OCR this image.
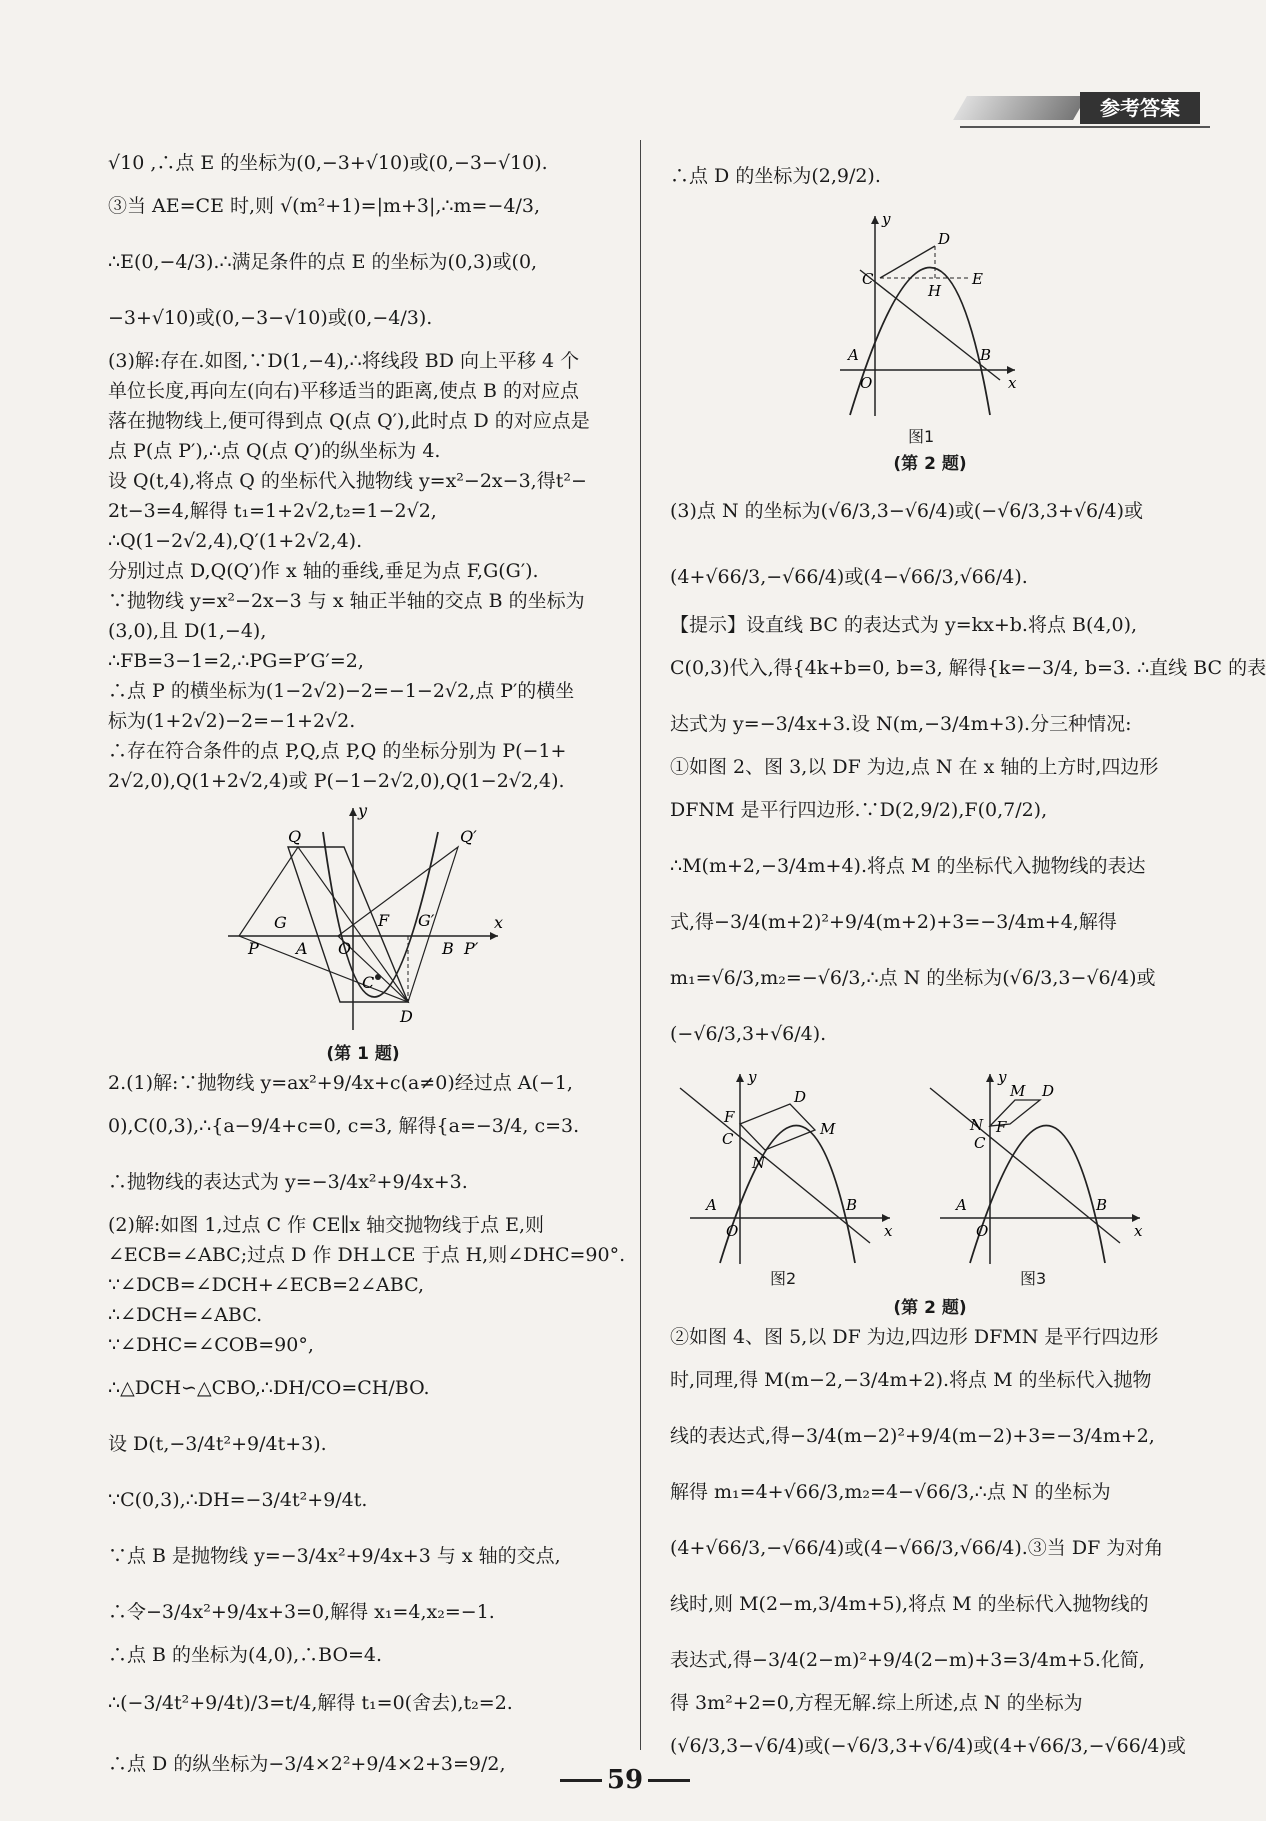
参考答案
√10 ,∴点 E 的坐标为(0,−3+√10)或(0,−3−√10).
③当 AE=CE 时,则 √(m²+1)=|m+3|,∴m=−4/3,
∴E(0,−4/3).∴满足条件的点 E 的坐标为(0,3)或(0,
−3+√10)或(0,−3−√10)或(0,−4/3).
(3)解:存在.如图,∵D(1,−4),∴将线段 BD 向上平移 4 个
单位长度,再向左(向右)平移适当的距离,使点 B 的对应点
落在抛物线上,便可得到点 Q(点 Q′),此时点 D 的对应点是
点 P(点 P′),∴点 Q(点 Q′)的纵坐标为 4.
设 Q(t,4),将点 Q 的坐标代入抛物线 y=x²−2x−3,得t²−
2t−3=4,解得 t₁=1+2√2,t₂=1−2√2,
∴Q(1−2√2,4),Q′(1+2√2,4).
分别过点 D,Q(Q′)作 x 轴的垂线,垂足为点 F,G(G′).
∵抛物线 y=x²−2x−3 与 x 轴正半轴的交点 B 的坐标为
(3,0),且 D(1,−4),
∴FB=3−1=2,∴PG=P′G′=2,
∴点 P 的横坐标为(1−2√2)−2=−1−2√2,点 P′的横坐
标为(1+2√2)−2=−1+2√2.
∴存在符合条件的点 P,Q,点 P,Q 的坐标分别为 P(−1+
2√2,0),Q(1+2√2,4)或 P(−1−2√2,0),Q(1−2√2,4).
y
Q	Q′
G
A O
F G′
B
x
P	P′
C
D
(第 1 题)
2.(1)解:∵抛物线 y=ax²+9/4x+c(a≠0)经过点 A(−1,
0),C(0,3),∴{a−9/4+c=0, c=3, 解得{a=−3/4, c=3.
∴抛物线的表达式为 y=−3/4x²+9/4x+3.
(2)解:如图 1,过点 C 作 CE∥x 轴交抛物线于点 E,则
∠ECB=∠ABC;过点 D 作 DH⊥CE 于点 H,则∠DHC=90°.
∵∠DCB=∠DCH+∠ECB=2∠ABC,
∴∠DCH=∠ABC.
∵∠DHC=∠COB=90°,
∴△DCH∽△CBO,∴DH/CO=CH/BO.
设 D(t,−3/4t²+9/4t+3).
∵C(0,3),∴DH=−3/4t²+9/4t.
∵点 B 是抛物线 y=−3/4x²+9/4x+3 与 x 轴的交点,
∴令−3/4x²+9/4x+3=0,解得 x₁=4,x₂=−1.
∴点 B 的坐标为(4,0),∴BO=4.
∴(−3/4t²+9/4t)/3=t/4,解得 t₁=0(舍去),t₂=2.
∴点 D 的纵坐标为−3/4×2²+9/4×2+3=9/2,
∴点 D 的坐标为(2,9/2).
y
D
C
H
E
A	B
O	x
图1
(第 2 题)
(3)点 N 的坐标为(√6/3,3−√6/4)或(−√6/3,3+√6/4)或
(4+√66/3,−√66/4)或(4−√66/3,√66/4).
【提示】设直线 BC 的表达式为 y=kx+b.将点 B(4,0),
C(0,3)代入,得{4k+b=0, b=3, 解得{k=−3/4, b=3. ∴直线 BC 的表
达式为 y=−3/4x+3.设 N(m,−3/4m+3).分三种情况:
①如图 2、图 3,以 DF 为边,点 N 在 x 轴的上方时,四边形
DFNM 是平行四边形.∵D(2,9/2),F(0,7/2),
∴M(m+2,−3/4m+4).将点 M 的坐标代入抛物线的表达
式,得−3/4(m+2)²+9/4(m+2)+3=−3/4m+4,解得
m₁=√6/3,m₂=−√6/3,∴点 N 的坐标为(√6/3,3−√6/4)或
(−√6/3,3+√6/4).
y
D
F
M
C
N
A	B
O	x
y
M D
N F
C
A	B
O	x
图2	图3
(第 2 题)
②如图 4、图 5,以 DF 为边,四边形 DFMN 是平行四边形
时,同理,得 M(m−2,−3/4m+2).将点 M 的坐标代入抛物
线的表达式,得−3/4(m−2)²+9/4(m−2)+3=−3/4m+2,
解得 m₁=4+√66/3,m₂=4−√66/3,∴点 N 的坐标为
(4+√66/3,−√66/4)或(4−√66/3,√66/4).③当 DF 为对角
线时,则 M(2−m,3/4m+5),将点 M 的坐标代入抛物线的
表达式,得−3/4(2−m)²+9/4(2−m)+3=3/4m+5.化简,
得 3m²+2=0,方程无解.综上所述,点 N 的坐标为
(√6/3,3−√6/4)或(−√6/3,3+√6/4)或(4+√66/3,−√66/4)或
59
